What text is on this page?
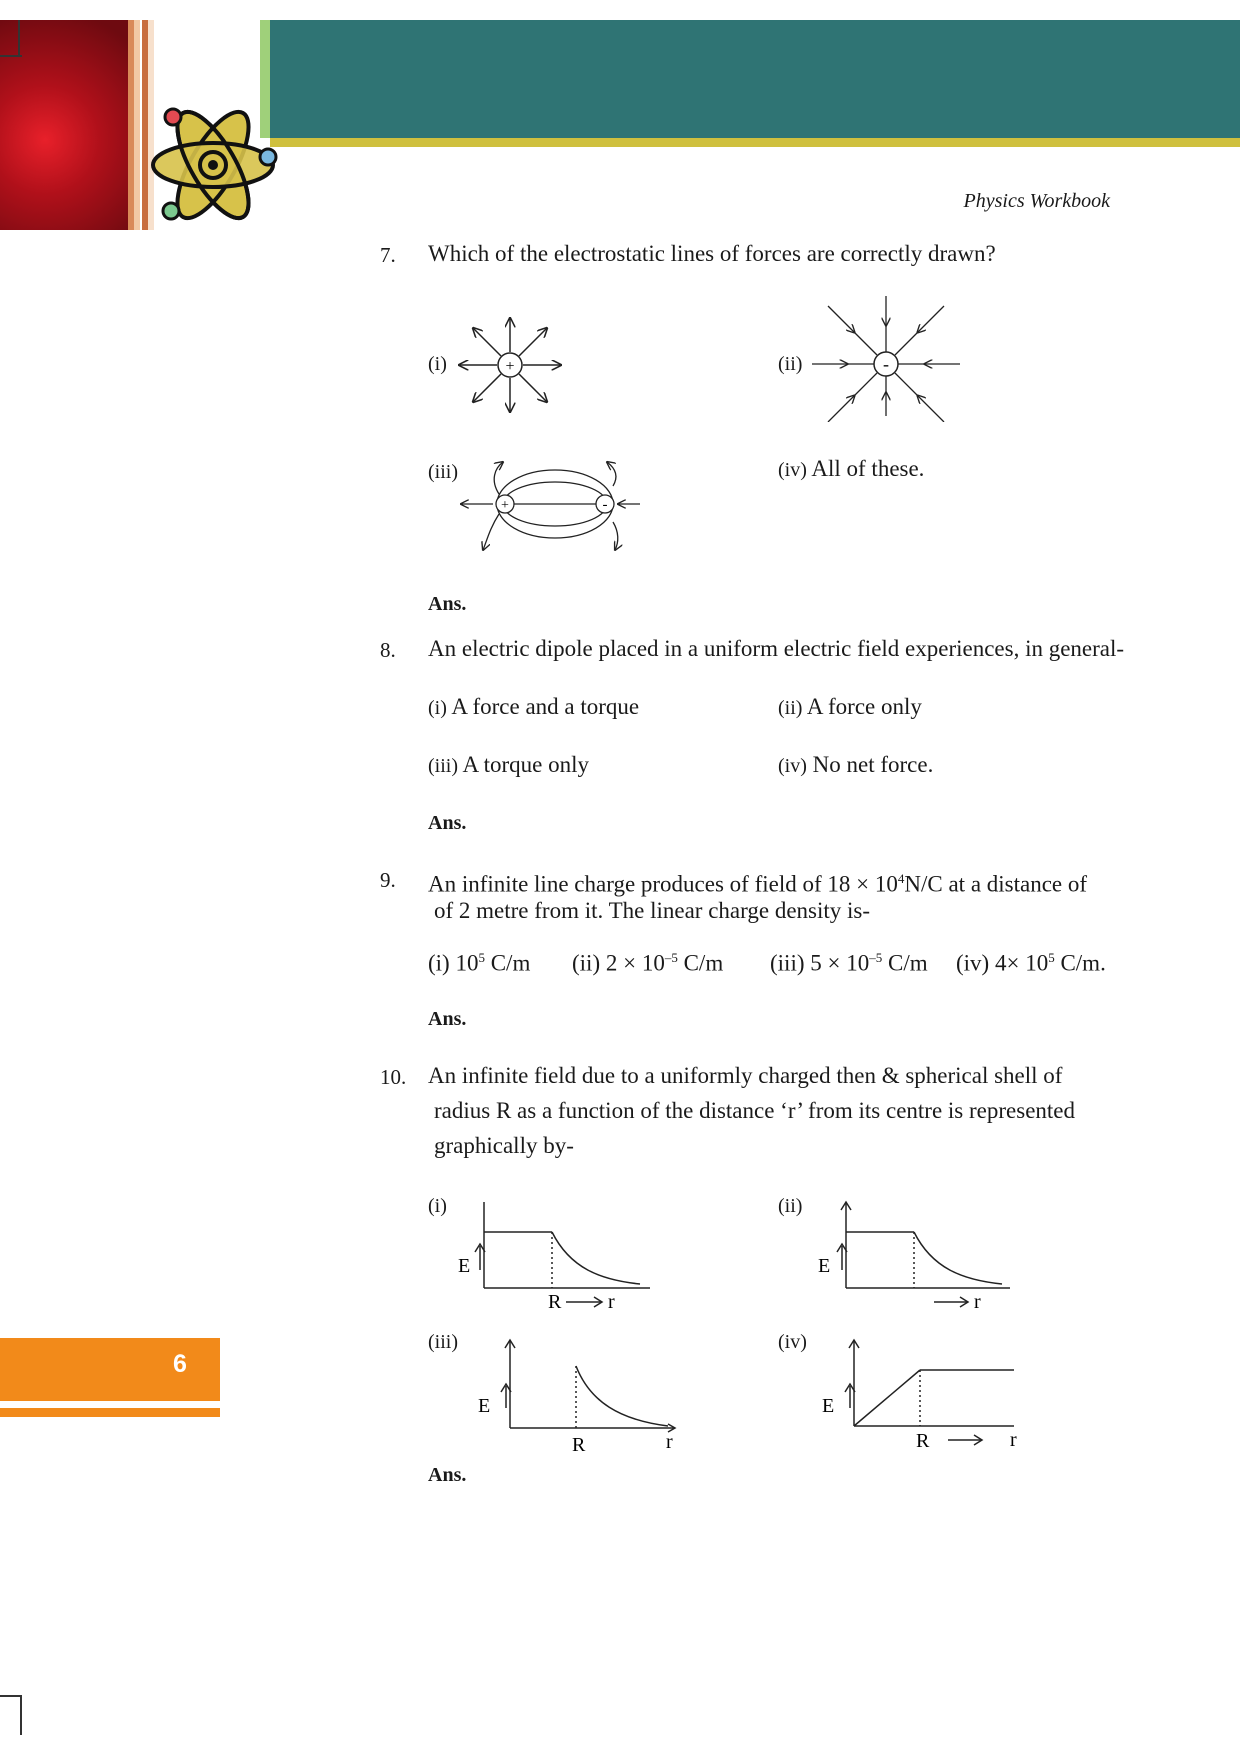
Physics Workbook
7. Which of the electrostatic lines of forces are correctly drawn?
(i)	+	(ii)	-
(iii)
+	-
(iv) All of these.
Ans.
8. An electric dipole placed in a uniform electric field experiences, in general-
(i) A force and a torque	(ii) A force only
(iii) A torque only	(iv) No net force.
Ans.
9. An infinite line charge produces of field of $18 \times 10^4N/C$ at a distance of
of 2 metre from it. The linear charge density is-
(i) $10^5$ C/m (ii) $2 \times 10^{-5}$ C/m (iii) $5 \times 10^{-5}$ C/m (iv) $4\times 10^5$ C/m.
Ans.
10. An infinite field due to a uniformly charged then & spherical shell of
radius R as a function of the distance ‘r’ from its centre is represented
graphically by-
(i)
E
R r
(ii)
E
r
(iii)
E
R	r
(iv)
E
R	r
Ans.
6
